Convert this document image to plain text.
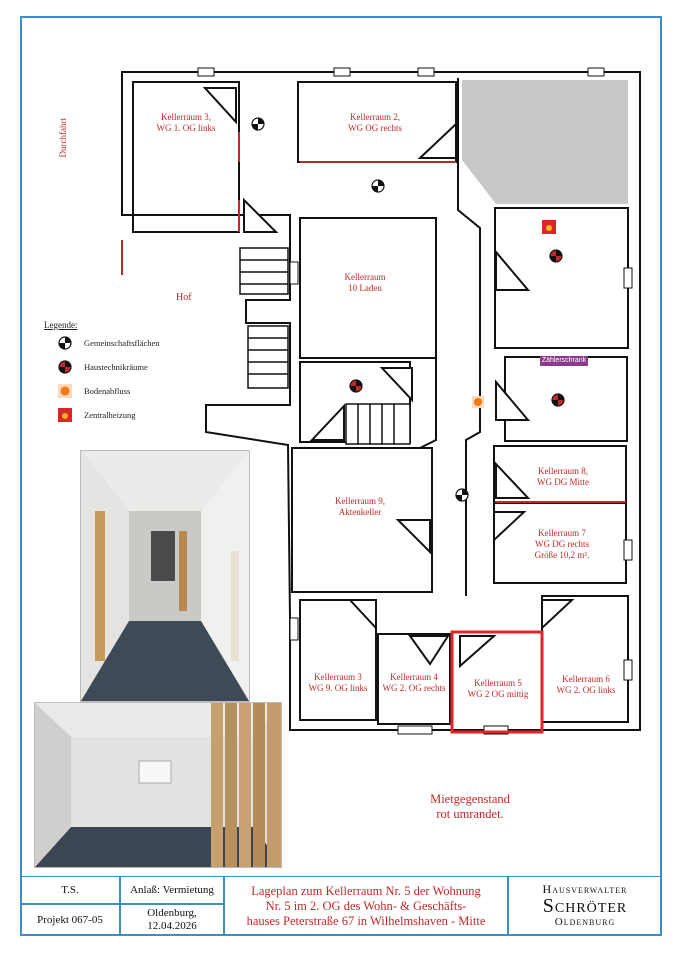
Kellerraum 3,
WG 1. OG links
Kellerraum 2,
WG OG rechts
Kellerraum
10 Laden
Kellerraum 9,
Aktenkeller
Kellerraum 8,
WG DG Mitte
Kellerraum 7
WG DG rechts
Größe 10,2 m².
Kellerraum 3
WG 9. OG links
Kellerraum 4
WG 2. OG rechts	Kellerraum 5
WG 2 OG mittig
Kellerraum 6
WG 2. OG links
Durchfahrt
Hof
Zählerschrank
Mietgegenstand
rot umrandet.
Legende:
Gemeinschaftsflächen
Haustechnikräume
Bodenabfluss
Zentralheizung
T.S.
Projekt 067-05
Anlaß: Vermietung
Oldenburg,
12.04.2026
Lageplan zum Kellerraum Nr. 5 der Wohnung
Nr. 5 im 2. OG des Wohn- & Geschäfts-
hauses Peterstraße 67 in Wilhelmshaven - Mitte
Hausverwalter
Schröter
Oldenburg
